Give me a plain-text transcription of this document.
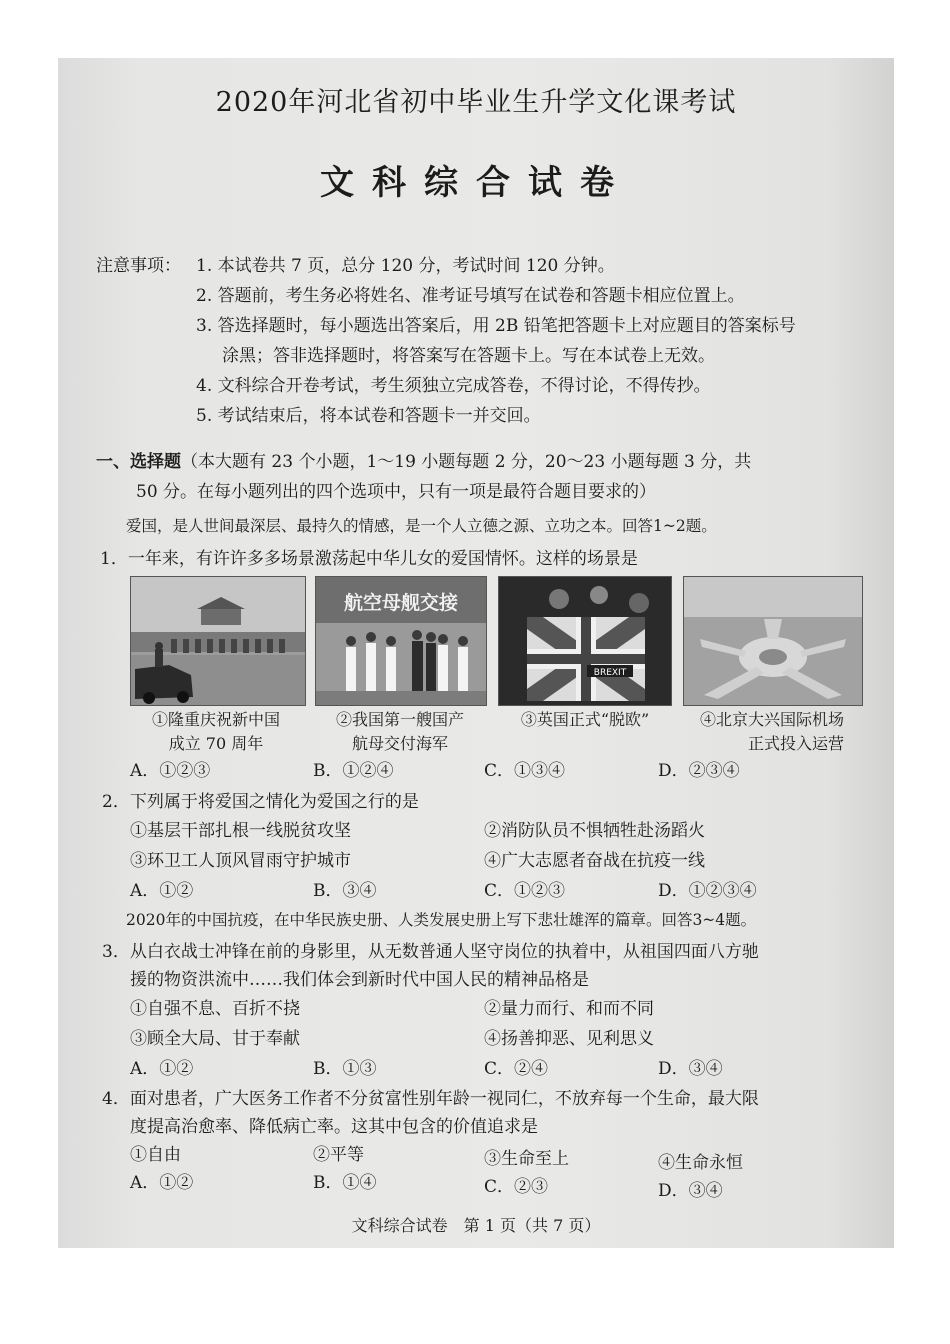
2020年河北省初中毕业生升学文化课考试
文科综合试卷
注意事项： 1. 本试卷共 7 页，总分 120 分，考试时间 120 分钟。
2. 答题前，考生务必将姓名、准考证号填写在试卷和答题卡相应位置上。
3. 答选择题时，每小题选出答案后，用 2B 铅笔把答题卡上对应题目的答案标号
涂黑；答非选择题时，将答案写在答题卡上。写在本试卷上无效。
4. 文科综合开卷考试，考生须独立完成答卷，不得讨论，不得传抄。
5. 考试结束后，将本试卷和答题卡一并交回。
一、选择题（本大题有 23 个小题，1～19 小题每题 2 分，20～23 小题每题 3 分，共
50 分。在每小题列出的四个选项中，只有一项是最符合题目要求的）
爱国，是人世间最深层、最持久的情感，是一个人立德之源、立功之本。回答1~2题。
1．一年来，有许许多多场景激荡起中华儿女的爱国情怀。这样的场景是
航空母舰交接
BREXIT
①隆重庆祝新中国
成立 70 周年
②我国第一艘国产
航母交付海军
③英国正式“脱欧”	④北京大兴国际机场
正式投入运营
A．①②③	B．①②④	C．①③④	D．②③④
2．下列属于将爱国之情化为爱国之行的是
①基层干部扎根一线脱贫攻坚	②消防队员不惧牺牲赴汤蹈火
③环卫工人顶风冒雨守护城市	④广大志愿者奋战在抗疫一线
A．①②	B．③④	C．①②③	D．①②③④
2020年的中国抗疫，在中华民族史册、人类发展史册上写下悲壮雄浑的篇章。回答3~4题。
3．从白衣战士冲锋在前的身影里，从无数普通人坚守岗位的执着中，从祖国四面八方驰
援的物资洪流中……我们体会到新时代中国人民的精神品格是
①自强不息、百折不挠	②量力而行、和而不同
③顾全大局、甘于奉献	④扬善抑恶、见利思义
A．①②	B．①③	C．②④	D．③④
4．面对患者，广大医务工作者不分贫富性别年龄一视同仁，不放弃每一个生命，最大限
度提高治愈率、降低病亡率。这其中包含的价值追求是
①自由	②平等	③生命至上	④生命永恒
A．①②	B．①④	C．②③	D．③④
文科综合试卷　第 1 页（共 7 页）
